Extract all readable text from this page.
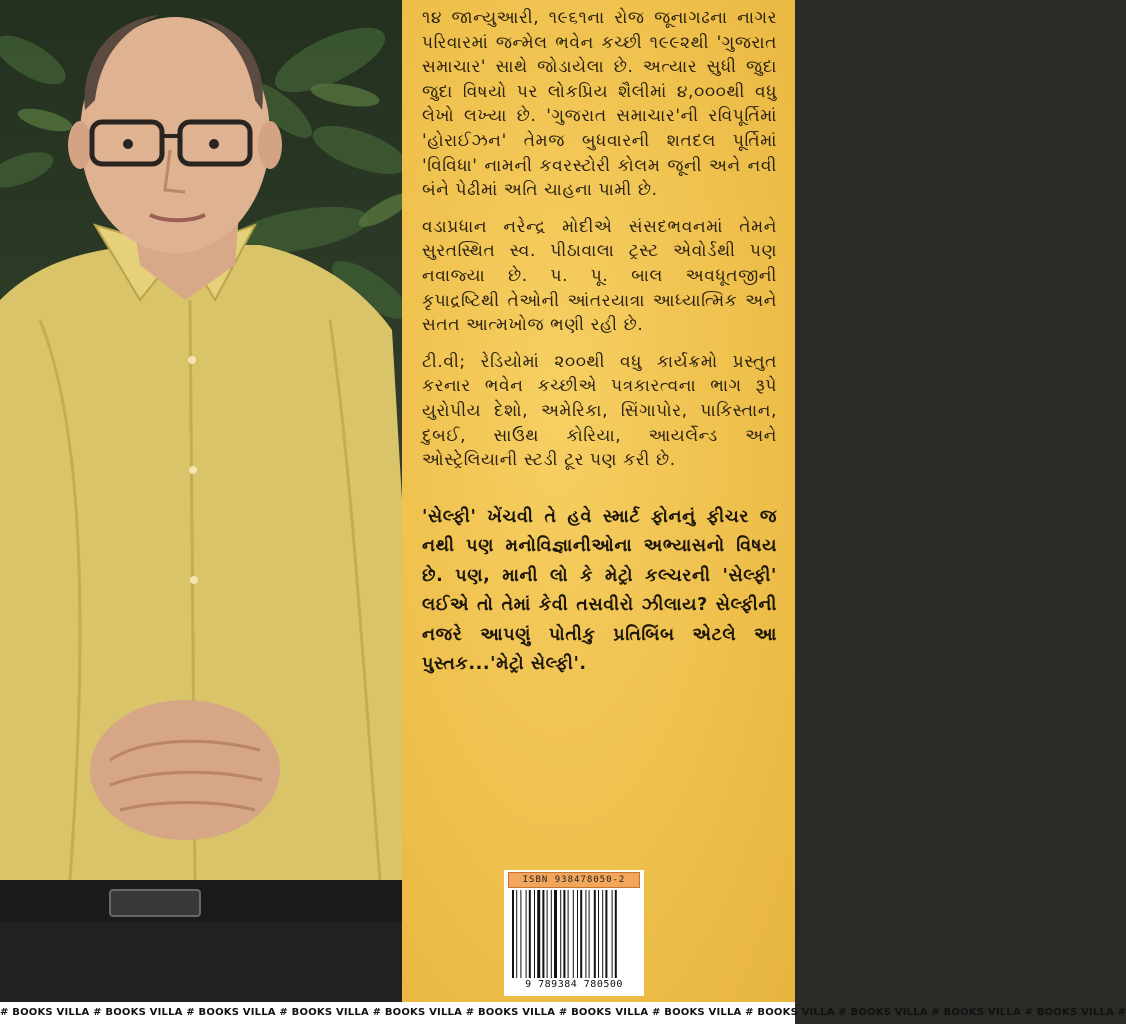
૧૪ જાન્યુઆરી, ૧૯૬૧ના રોજ જૂનાગઢના નાગર પરિવારમાં જન્મેલ ભવેન કચ્છી ૧૯૯૨થી 'ગુજરાત સમાચાર' સાથે જોડાયેલા છે. અત્યાર સુધી જુદા જુદા વિષયો પર લોકપ્રિય શૈલીમાં ૪,૦૦૦થી વધુ લેખો લખ્યા છે. 'ગુજરાત સમાચાર'ની રવિપૂર્તિમાં 'હોરાઈઝન' તેમજ બુધવારની શતદલ પૂર્તિમાં 'વિવિધા' નામની કવરસ્ટોરી કોલમ જૂની અને નવી બંને પેઢીમાં અતિ ચાહના પામી છે.

વડાપ્રધાન નરેન્દ્ર મોદીએ સંસદભવનમાં તેમને સુરતસ્થિત સ્વ. પીઠાવાલા ટ્રસ્ટ એવોર્ડથી પણ નવાજ્યા છે. પ. પૂ. બાલ અવધૂતજીની કૃપાદ્રષ્ટિથી તેઓની આંતરયાત્રા આધ્યાત્મિક અને સતત આત્મખોજ ભણી રહી છે.

ટી.વી; રેડિયોમાં ૨૦૦થી વધુ કાર્યક્રમો પ્રસ્તુત કરનાર ભવેન કચ્છીએ પત્રકારત્વના ભાગ રૂપે યુરોપીય દેશો, અમેરિકા, સિંગાપોર, પાકિસ્તાન, દુબઈ, સાઉથ કોરિયા, આયર્લેન્ડ અને ઓસ્ટ્રેલિયાની સ્ટડી ટૂર પણ કરી છે.

'સેલ્ફી' ખેંચવી તે હવે સ્માર્ટ ફોનનું ફીચર જ નથી પણ મનોવિજ્ઞાનીઓના અભ્યાસનો વિષય છે. પણ, માની લો કે મેટ્રો કલ્ચરની 'સેલ્ફી' લઈએ તો તેમાં કેવી તસવીરો ઝીલાય? સેલ્ફીની નજરે આપણું પોતીકુ પ્રતિબિંબ એટલે આ પુસ્તક...'મેટ્રો સેલ્ફી'.

ISBN 938478050-2
9 789384 780500
# BOOKS VILLA # BOOKS VILLA # BOOKS VILLA # BOOKS VILLA # BOOKS VILLA # BOOKS VILLA # BOOKS VILLA # BOOKS VILLA # BOOKS VILLA # BOOKS VILLA # BOOKS VILLA # BOOKS VILLA #
